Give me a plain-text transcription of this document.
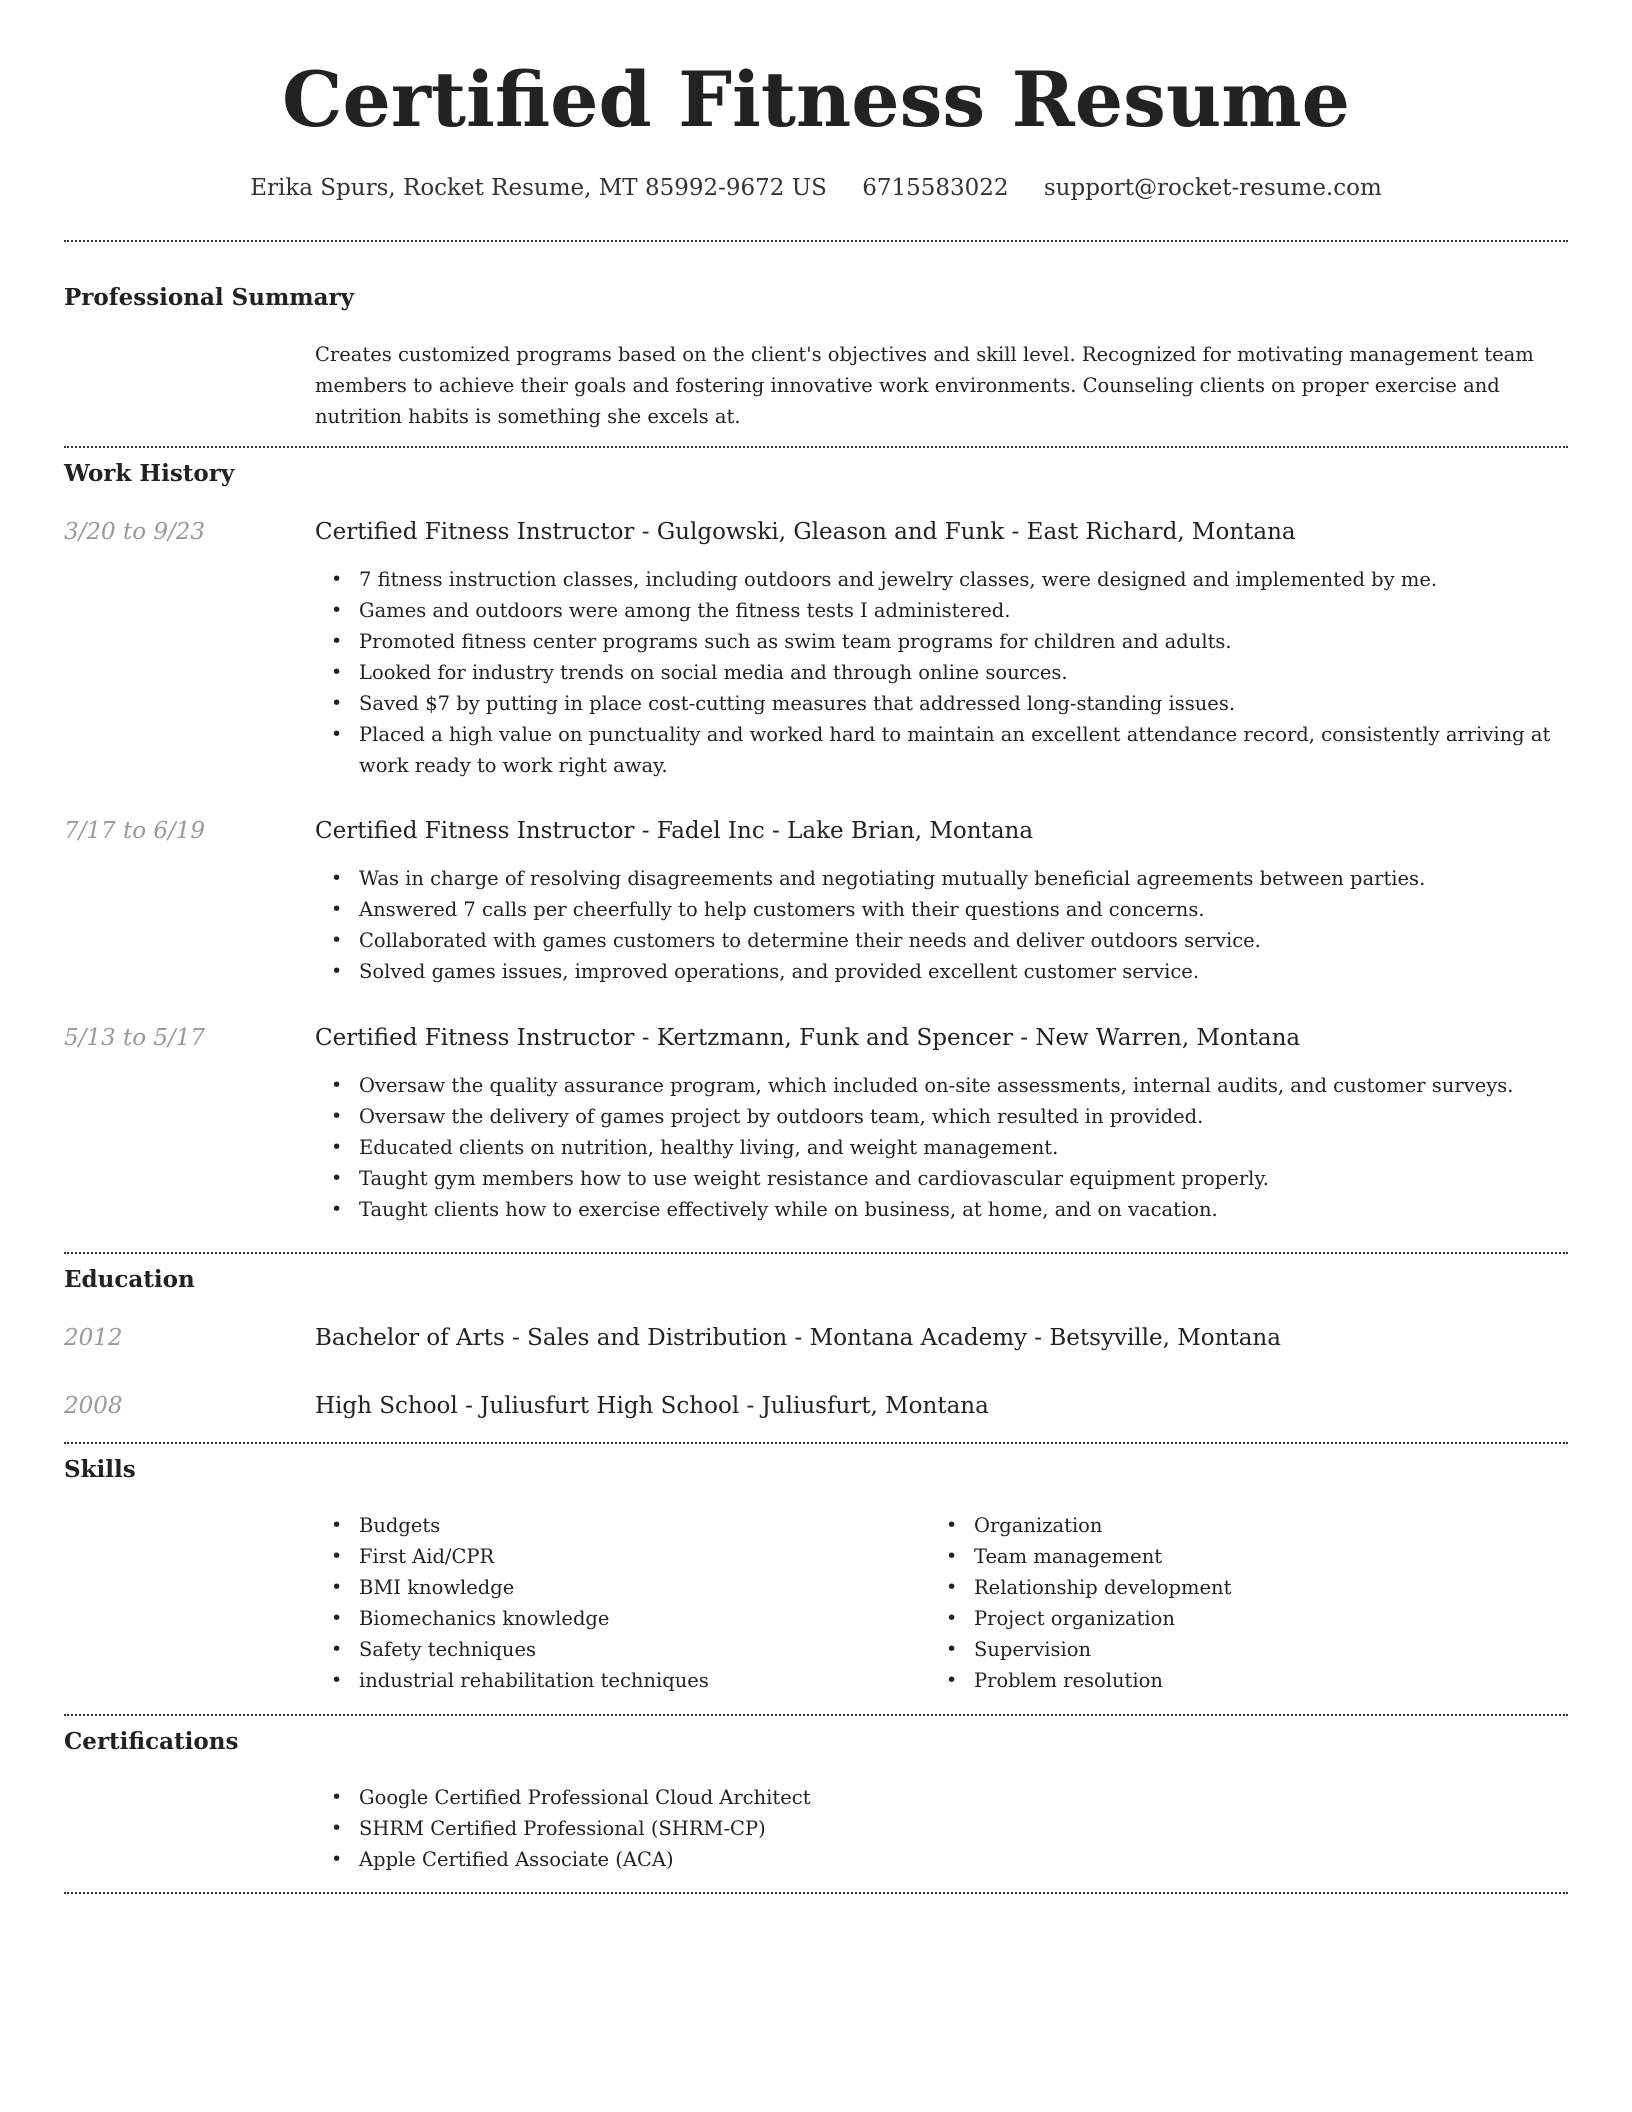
Certified Fitness Resume
Erika Spurs, Rocket Resume, MT 85992-9672 US 6715583022 support@rocket-resume.com
Professional Summary

Creates customized programs based on the client's objectives and skill level. Recognized for motivating management team members to achieve their goals and fostering innovative work environments. Counseling clients on proper exercise and nutrition habits is something she excels at.

Work History
3/20 to 9/23	Certified Fitness Instructor - Gulgowski, Gleason and Funk - East Richard, Montana
• 7 fitness instruction classes, including outdoors and jewelry classes, were designed and implemented by me.
• Games and outdoors were among the fitness tests I administered.
• Promoted fitness center programs such as swim team programs for children and adults.
• Looked for industry trends on social media and through online sources.
• Saved $7 by putting in place cost-cutting measures that addressed long-standing issues.
• Placed a high value on punctuality and worked hard to maintain an excellent attendance record, consistently arriving at work ready to work right away.
7/17 to 6/19	Certified Fitness Instructor - Fadel Inc - Lake Brian, Montana
• Was in charge of resolving disagreements and negotiating mutually beneficial agreements between parties.
• Answered 7 calls per cheerfully to help customers with their questions and concerns.
• Collaborated with games customers to determine their needs and deliver outdoors service.
• Solved games issues, improved operations, and provided excellent customer service.
5/13 to 5/17	Certified Fitness Instructor - Kertzmann, Funk and Spencer - New Warren, Montana
• Oversaw the quality assurance program, which included on-site assessments, internal audits, and customer surveys.
• Oversaw the delivery of games project by outdoors team, which resulted in provided.
• Educated clients on nutrition, healthy living, and weight management.
• Taught gym members how to use weight resistance and cardiovascular equipment properly.
• Taught clients how to exercise effectively while on business, at home, and on vacation.
Education
2012	Bachelor of Arts - Sales and Distribution - Montana Academy - Betsyville, Montana
2008	High School - Juliusfurt High School - Juliusfurt, Montana
Skills
• Budgets
• First Aid/CPR
• BMI knowledge
• Biomechanics knowledge
• Safety techniques
• industrial rehabilitation techniques
• Organization
• Team management
• Relationship development
• Project organization
• Supervision
• Problem resolution
Certifications
• Google Certified Professional Cloud Architect
• SHRM Certified Professional (SHRM-CP)
• Apple Certified Associate (ACA)
